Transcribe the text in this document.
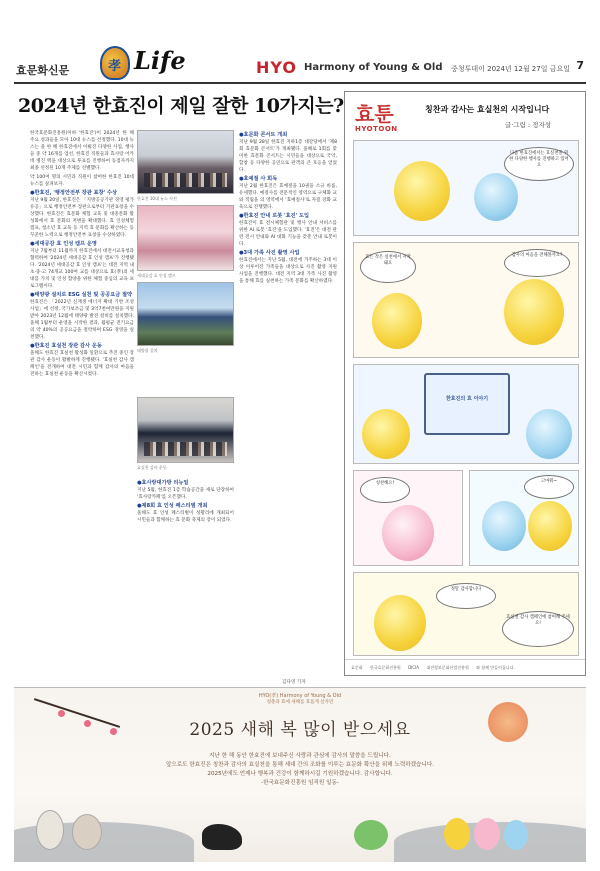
효문화신문	孝 Life	HYO Harmony of Young & Old 중청투데이 2024년 12월 27일 금요일 7
2024년 한효진이 제일 잘한 10가지는?

한국효문화진흥원(이하 '한효진')이 2024년 한 해 주요 성과들을 모아 10대 뉴스를 선정했다. 10대 뉴스는 올 한 해 한효진에서 이뤄진 다양한 사업, 행사들 중 약 16개를 엄선, 한효진 직원들과 효사랑 어카데 병진 맥을 대상으로 투표를 진행하여 동점자까지 최종 선정된 10개 주제를 선별했다.

약 100여 명의 시민과 직원이 참여한 한효진 10대 뉴스를 살펴보자.

●한효진, '행정안전부 장관 표창' 수상

지난 9월 20일, 한효진은 「지방공공기관 경영 평가 유공」으로 행정안전부 장관으로부터 기관표창을 수상했다. 한효진은 효문화 체험 교육 및 대중문화 활성화에서 효 문화의 저변을 확대했다. 효 인성체험 캠프, 청소년 효 교육 등 지역 효 문화를 확산하는 등 꾸준한 노력으로 행정안전부 표창을 수상하였다.

●세대공감 효 인성 캠프 운영

지난 7월부터 11월까지 한효진에서 대전시교육청과 협력하여 '2024년 세대공감 효 인성 캠프'가 진행됐다. '2024년 세대공감 효 인성 캠프'는 대전 지역 내 초·중·고 74개교 100여 교를 대상으로 효(孝)의 세대를 가치 및 인성 함양을 위한 체험 중심의 교육 프로그램이다.

●태양광 설치로 ESG 실천 및 공공요금 절약

한효진은 「2022년 신재생 에너지 확대 기반 조성 사업」에 선정, 국가보조금 및 3억7천여만원을 지원받아 2023년 12월에 태양광 발전 설비를 설치했다. 올해 1월부터 운영을 시작한 결과, 월평균 전기요금의 약 40%의 공공요금을 절약하며 ESG 경영을 실천했다.

●한효진 효실천 장관 감사 운동

올해도 한효진 효실천 활성화 일환으로 추진 중인 장관 감사 운동이 활발하게 진행됐다. '효실천 감사 캠페인'을 전개하여 대전 시민과 함께 감사의 마음을 전하는 효실천 운동을 확산시켰다.

한효진 10대 뉴스 사진
세대공감 효 인성 캠프
태양광 설치
효실천 감사 운동
●효사랑대가방 리뉴얼

지난 5월, 한효진 1층 학습공간을 새로 단장하여 '효사랑카페'를 오픈했다.

●제8회 효 인성 페스티벌 개최

올해도 효 인성 페스티벌이 성황리에 개최되어 시민들과 함께하는 효 문화 축제의 장이 되었다.

●효문화 콘서트 개최

지난 9월 28일 한효진 지하1층 대강당에서 '제8회 효문화 콘서트'가 개최됐다. 올해로 1회를 맞이한 효문화 콘서트는 시민들을 대상으로 국악, 합창 등 다양한 공연으로 관객의 큰 호응을 얻었다.

●효예절 사 회독

지난 2월 한효진은 효예절을 10권을 소규 바롭, 유세했다. 예절사를 전문적인 영역으로 구체화 교와 적립을 의 영역에서 '효예절사'로 자질 강화 교육으로 진행했다.

●한효진 안내 로봇 '효진' 도입

한효진이 효 전시체험관 및 행사 안내 서비스를 위한 AI 로봇 '효진'을 도입했다. '효진'은 대전 관련 전시 안내와 AI 대화 기능을 갖춘 안내 로봇이다.

●3대 가족 사진 촬영 사업

한효진에서는 지난 5월, 대전에 거주하는 3대 이상 이루어진 가족들을 대상으로 사진 촬영 지원 사업을 진행했다. 대전 지역 3대 가족 사진 촬영을 통해 효를 실천하는 가족 문화를 확산하였다.

김다영 기자
효툰
HYOTOON
칭찬과 감사는 효실천의 시작입니다
글·그림 : 정자성
다음 한효진에서는 효실천을 위한 다양한 행사를 진행하고 있어요
효는 작은 실천에서 시작돼요
감사의 마음을 전해볼까요?
한효진의 효 이야기
칭찬해요!	고마워~
정말 감사합니다
효실천 감사 캠페인에 참여해 주세요!
효문화 한국효문화진흥원 DICIA 대전정보문화산업진흥원 와 함께 만들어집니다.
HYO(孝) Harmony of Young & Old
청춘과 효예 새해를 효롭게 살자면
2025 새해 복 많이 받으세요
지난 한 해 동안 한효진에 보내주신 사랑과 관심에 감사의 말씀을 드립니다.
앞으로도 한효진은 칭찬과 감사의 효실천을 통해 세대 간의 조화를 이루는 효문화 확산을 위해 노력하겠습니다.
2025년에도 언제나 행복과 건강이 함께하시길 기원하겠습니다. 감사합니다.
-한국효문화진흥원 임직원 일동-
